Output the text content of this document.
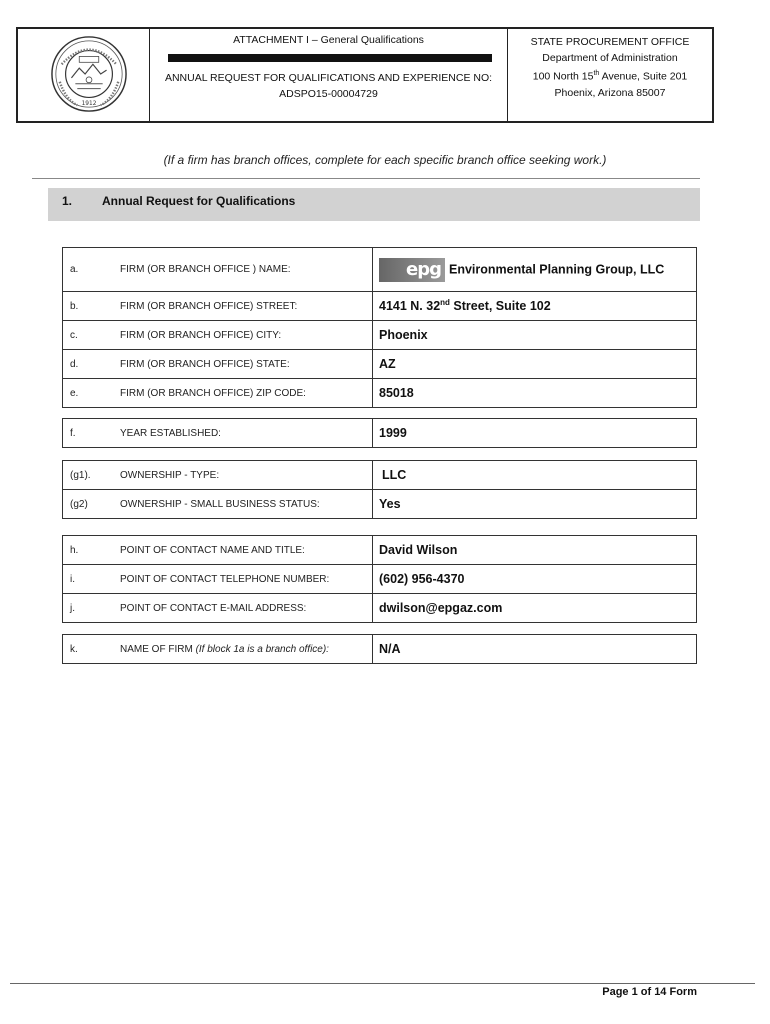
1912
ATTACHMENT I – General Qualifications
ANNUAL REQUEST FOR QUALIFICATIONS AND EXPERIENCE NO:
ADSPO15-00004729
STATE PROCUREMENT OFFICE
Department of Administration
100 North 15th Avenue, Suite 201
Phoenix, Arizona 85007
(If a firm has branch offices, complete for each specific branch office seeking work.)
1. Annual Request for Qualifications
a. FIRM (OR BRANCH OFFICE ) NAME:	epg Environmental Planning Group, LLC
b. FIRM (OR BRANCH OFFICE) STREET:	4141 N. 32nd Street, Suite 102
c. FIRM (OR BRANCH OFFICE) CITY:	Phoenix
d. FIRM (OR BRANCH OFFICE) STATE:	AZ
e. FIRM (OR BRANCH OFFICE) ZIP CODE:	85018
f.	YEAR ESTABLISHED:	1999
(g1). OWNERSHIP - TYPE:	LLC
(g2) OWNERSHIP - SMALL BUSINESS STATUS:	Yes
h. POINT OF CONTACT NAME AND TITLE:	David Wilson
i. POINT OF CONTACT TELEPHONE NUMBER:	(602) 956-4370
j. POINT OF CONTACT E-MAIL ADDRESS:	dwilson@epgaz.com
k.	NAME OF FIRM (If block 1a is a branch office):	N/A
Page 1 of 14 Form
